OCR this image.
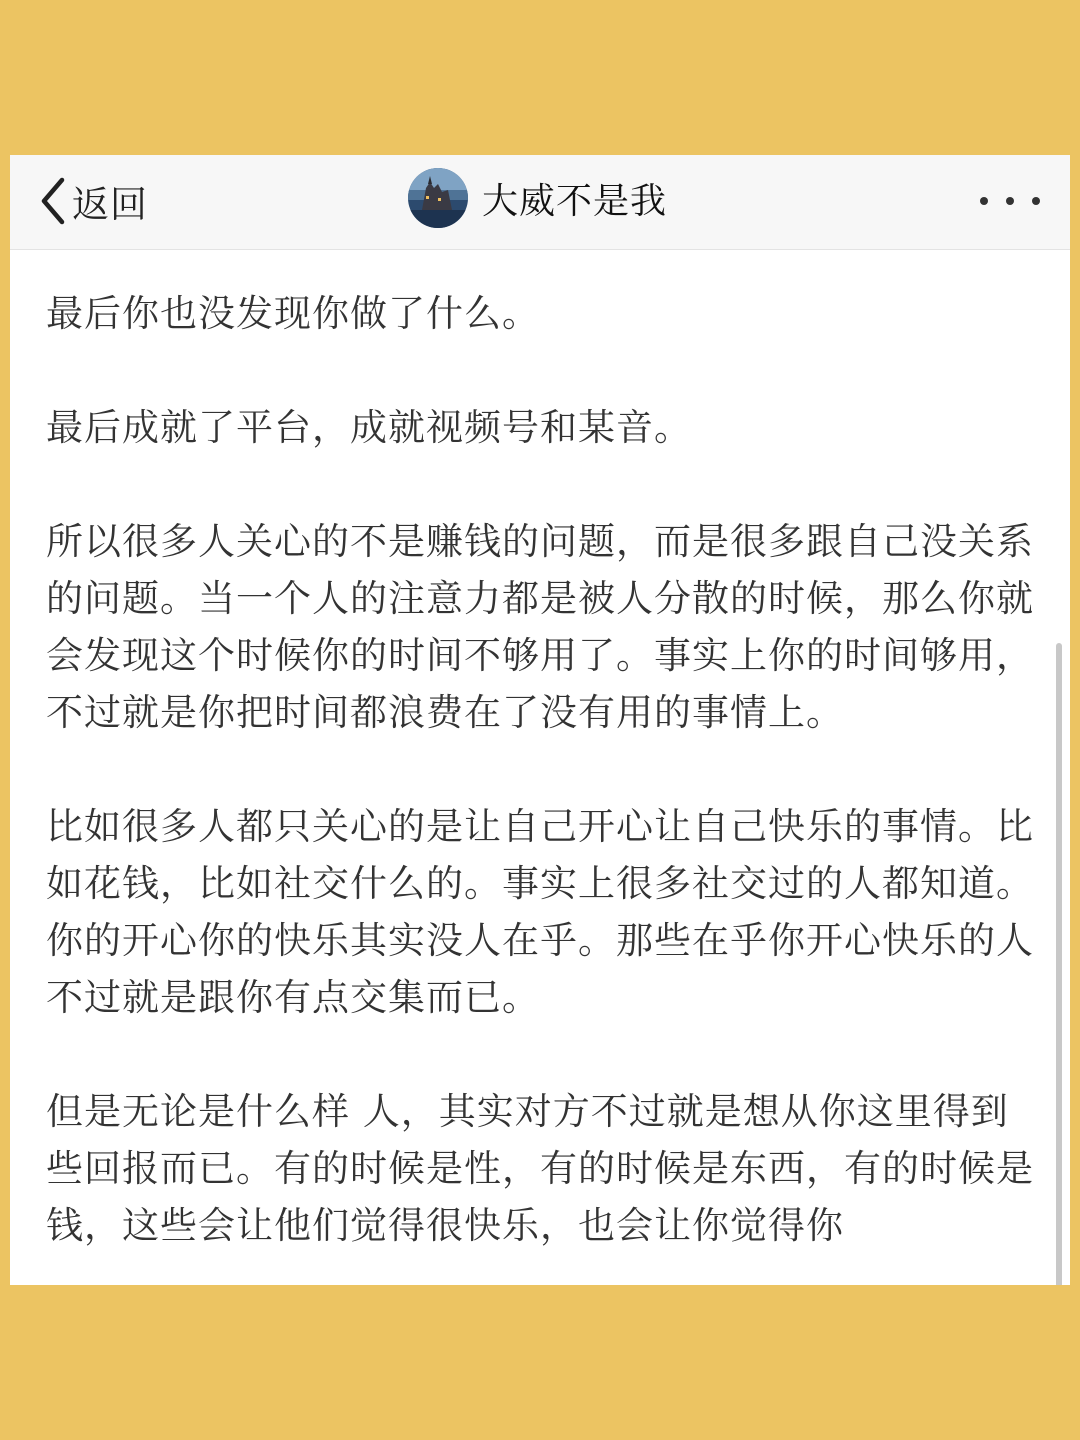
返回	大威不是我

最后你也没发现你做了什么。

最后成就了平台，成就视频号和某音。

所以很多人关心的不是赚钱的问题，而是很多跟自己没关系的问题。当一个人的注意力都是被人分散的时候，那么你就会发现这个时候你的时间不够用了。事实上你的时间够用，不过就是你把时间都浪费在了没有用的事情上。

比如很多人都只关心的是让自己开心让自己快乐的事情。比如花钱，比如社交什么的。事实上很多社交过的人都知道。你的开心你的快乐其实没人在乎。那些在乎你开心快乐的人不过就是跟你有点交集而已。

但是无论是什么样 人，其实对方不过就是想从你这里得到些回报而已。有的时候是性，有的时候是东西，有的时候是钱，这些会让他们觉得很快乐，也会让你觉得你
